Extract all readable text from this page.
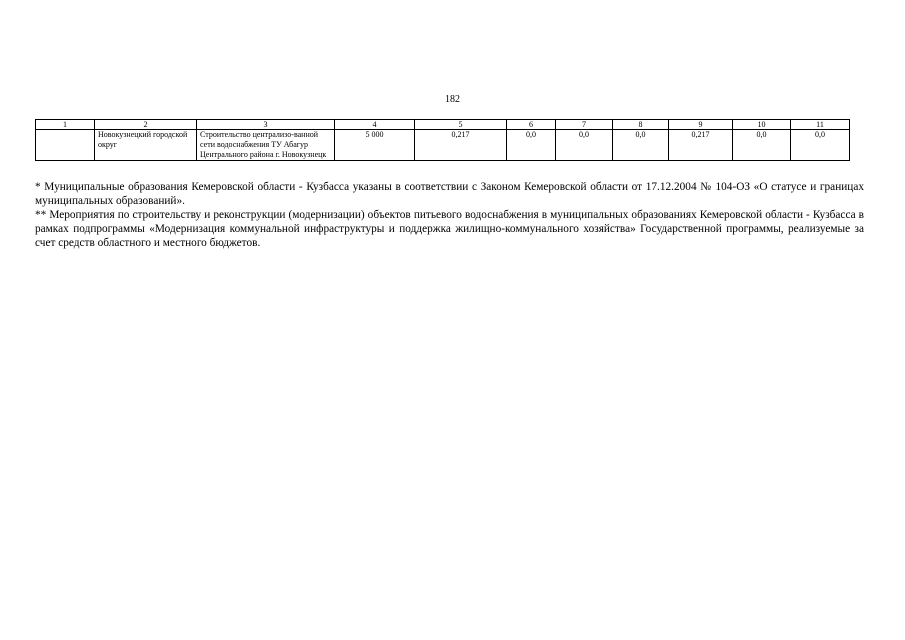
182
1	2	3	4	5	6	7	8	9	10	11
	Новокузнецкий городской округ	Строительство централизо-ванной сети водоснабжения ТУ Абагур Центрального района г. Новокузнецк	5 000	0,217	0,0	0,0	0,0	0,217	0,0	0,0

* Муниципальные образования Кемеровской области - Кузбасса указаны в соответствии с Законом Кемеровской области от 17.12.2004 № 104-ОЗ «О статусе и границах муниципальных образований».

** Мероприятия по строительству и реконструкции (модернизации) объектов питьевого водоснабжения в муниципальных образованиях Кемеровской области - Кузбасса в рамках подпрограммы «Модернизация коммунальной инфраструктуры и поддержка жилищно-коммунального хозяйства» Государственной программы, реализуемые за счет средств областного и местного бюджетов.
